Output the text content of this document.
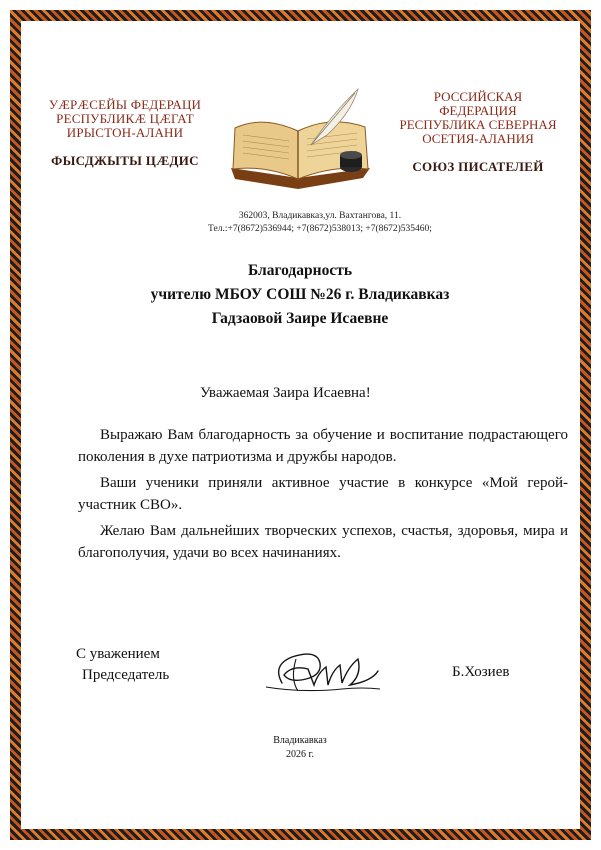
УÆРÆСЕЙЫ ФЕДЕРАЦИ
РЕСПУБЛИКÆ ЦÆГАТ
ИРЫСТОН-АЛАНИ
ФЫСДЖЫТЫ ЦÆДИС
РОССИЙСКАЯ
ФЕДЕРАЦИЯ
РЕСПУБЛИКА СЕВЕРНАЯ
ОСЕТИЯ-АЛАНИЯ
СОЮЗ ПИСАТЕЛЕЙ
362003, Владикавказ,ул. Вахтангова, 11.
Тел.:+7(8672)536944; +7(8672)538013; +7(8672)535460;
Благодарность
учителю МБОУ СОШ №26 г. Владикавказ
Гадзаовой Заире Исаевне
Уважаемая Заира Исаевна!
Выражаю Вам благодарность за обучение и воспитание подрастающего поколения в духе патриотизма и дружбы народов.
Ваши ученики приняли активное участие в конкурсе «Мой герой-участник СВО».
Желаю Вам дальнейших творческих успехов, счастья, здоровья, мира и благополучия, удачи во всех начинаниях.
С уважением
Председатель	Б.Хозиев
Владикавказ
2026 г.
